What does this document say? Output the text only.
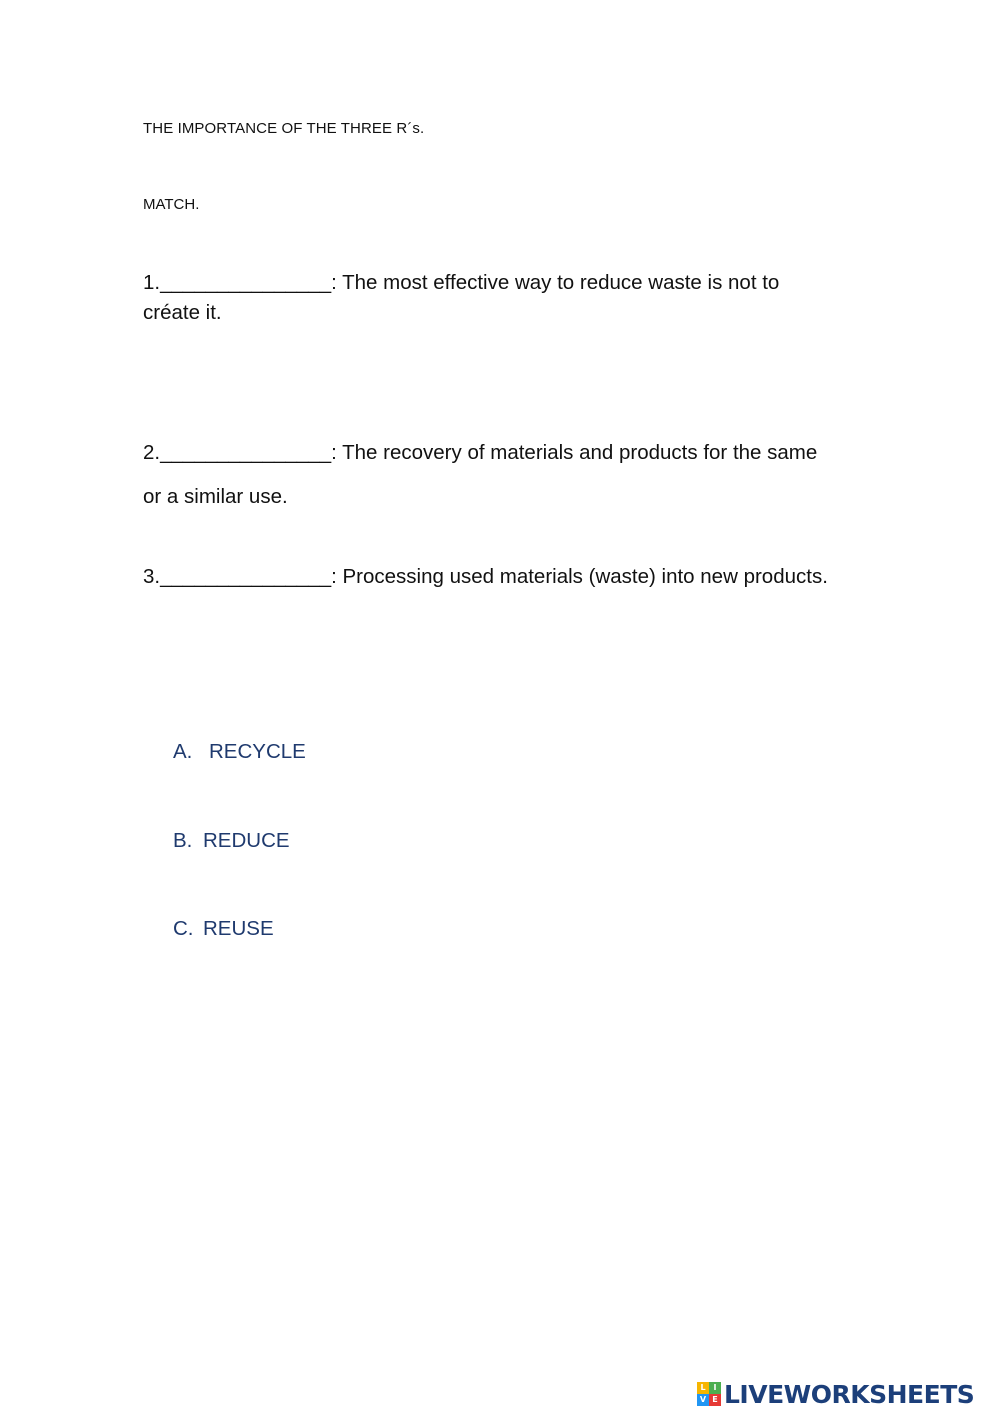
THE IMPORTANCE OF THE THREE R´s.
MATCH.
1._______________: The most effective way to reduce waste is not to
créate it.
2._______________: The recovery of materials and products for the same
or a similar use.
3._______________: Processing used materials (waste) into new products.
A. RECYCLE
B. REDUCE
C. REUSE
L I
V E LIVEWORKSHEETS
